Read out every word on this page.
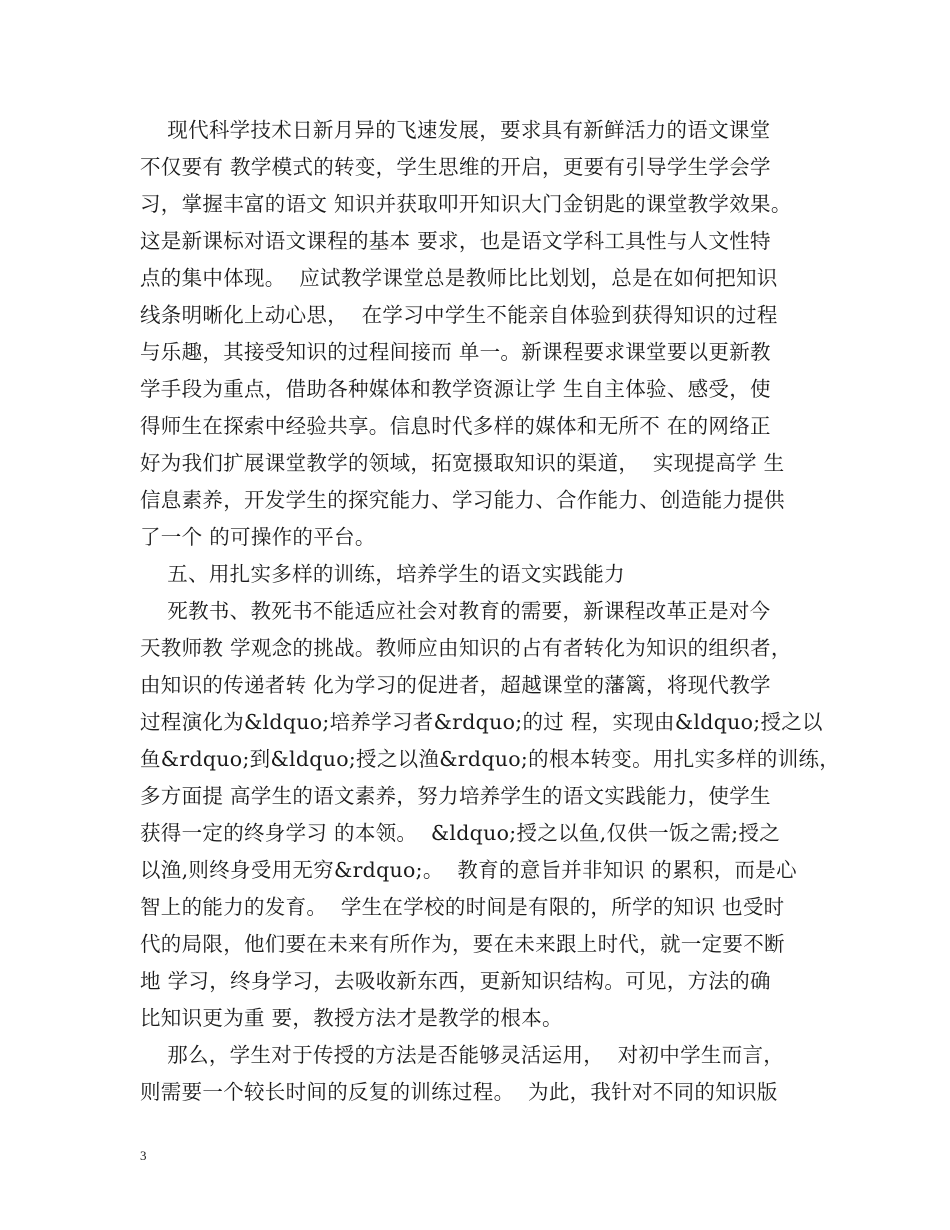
现代科学技术日新月异的飞速发展，要求具有新鲜活力的语文课堂
不仅要有 教学模式的转变，学生思维的开启，更要有引导学生学会学
习，掌握丰富的语文 知识并获取叩开知识大门金钥匙的课堂教学效果。
这是新课标对语文课程的基本 要求，也是语文学科工具性与人文性特
点的集中体现。  应试教学课堂总是教师比比划划，总是在如何把知识
线条明晰化上动心思，  在学习中学生不能亲自体验到获得知识的过程
与乐趣，其接受知识的过程间接而 单一。新课程要求课堂要以更新教
学手段为重点，借助各种媒体和教学资源让学 生自主体验、感受，使
得师生在探索中经验共享。信息时代多样的媒体和无所不 在的网络正
好为我们扩展课堂教学的领域，拓宽摄取知识的渠道，  实现提高学 生
信息素养，开发学生的探究能力、学习能力、合作能力、创造能力提供
了一个 的可操作的平台。
五、用扎实多样的训练，培养学生的语文实践能力
死教书、教死书不能适应社会对教育的需要，新课程改革正是对今
天教师教 学观念的挑战。教师应由知识的占有者转化为知识的组织者，
由知识的传递者转 化为学习的促进者，超越课堂的藩篱，将现代教学
过程演化为&ldquo;培养学习者&rdquo;的过 程，实现由&ldquo;授之以
鱼&rdquo;到&ldquo;授之以渔&rdquo;的根本转变。用扎实多样的训练，
多方面提 高学生的语文素养，努力培养学生的语文实践能力，使学生
获得一定的终身学习 的本领。  &ldquo;授之以鱼,仅供一饭之需;授之
以渔,则终身受用无穷&rdquo;。  教育的意旨并非知识 的累积，而是心
智上的能力的发育。  学生在学校的时间是有限的，所学的知识 也受时
代的局限，他们要在未来有所作为，要在未来跟上时代，就一定要不断
地 学习，终身学习，去吸收新东西，更新知识结构。可见，方法的确
比知识更为重 要，教授方法才是教学的根本。
那么，学生对于传授的方法是否能够灵活运用，  对初中学生而言，
则需要一个较长时间的反复的训练过程。  为此，我针对不同的知识版
3
